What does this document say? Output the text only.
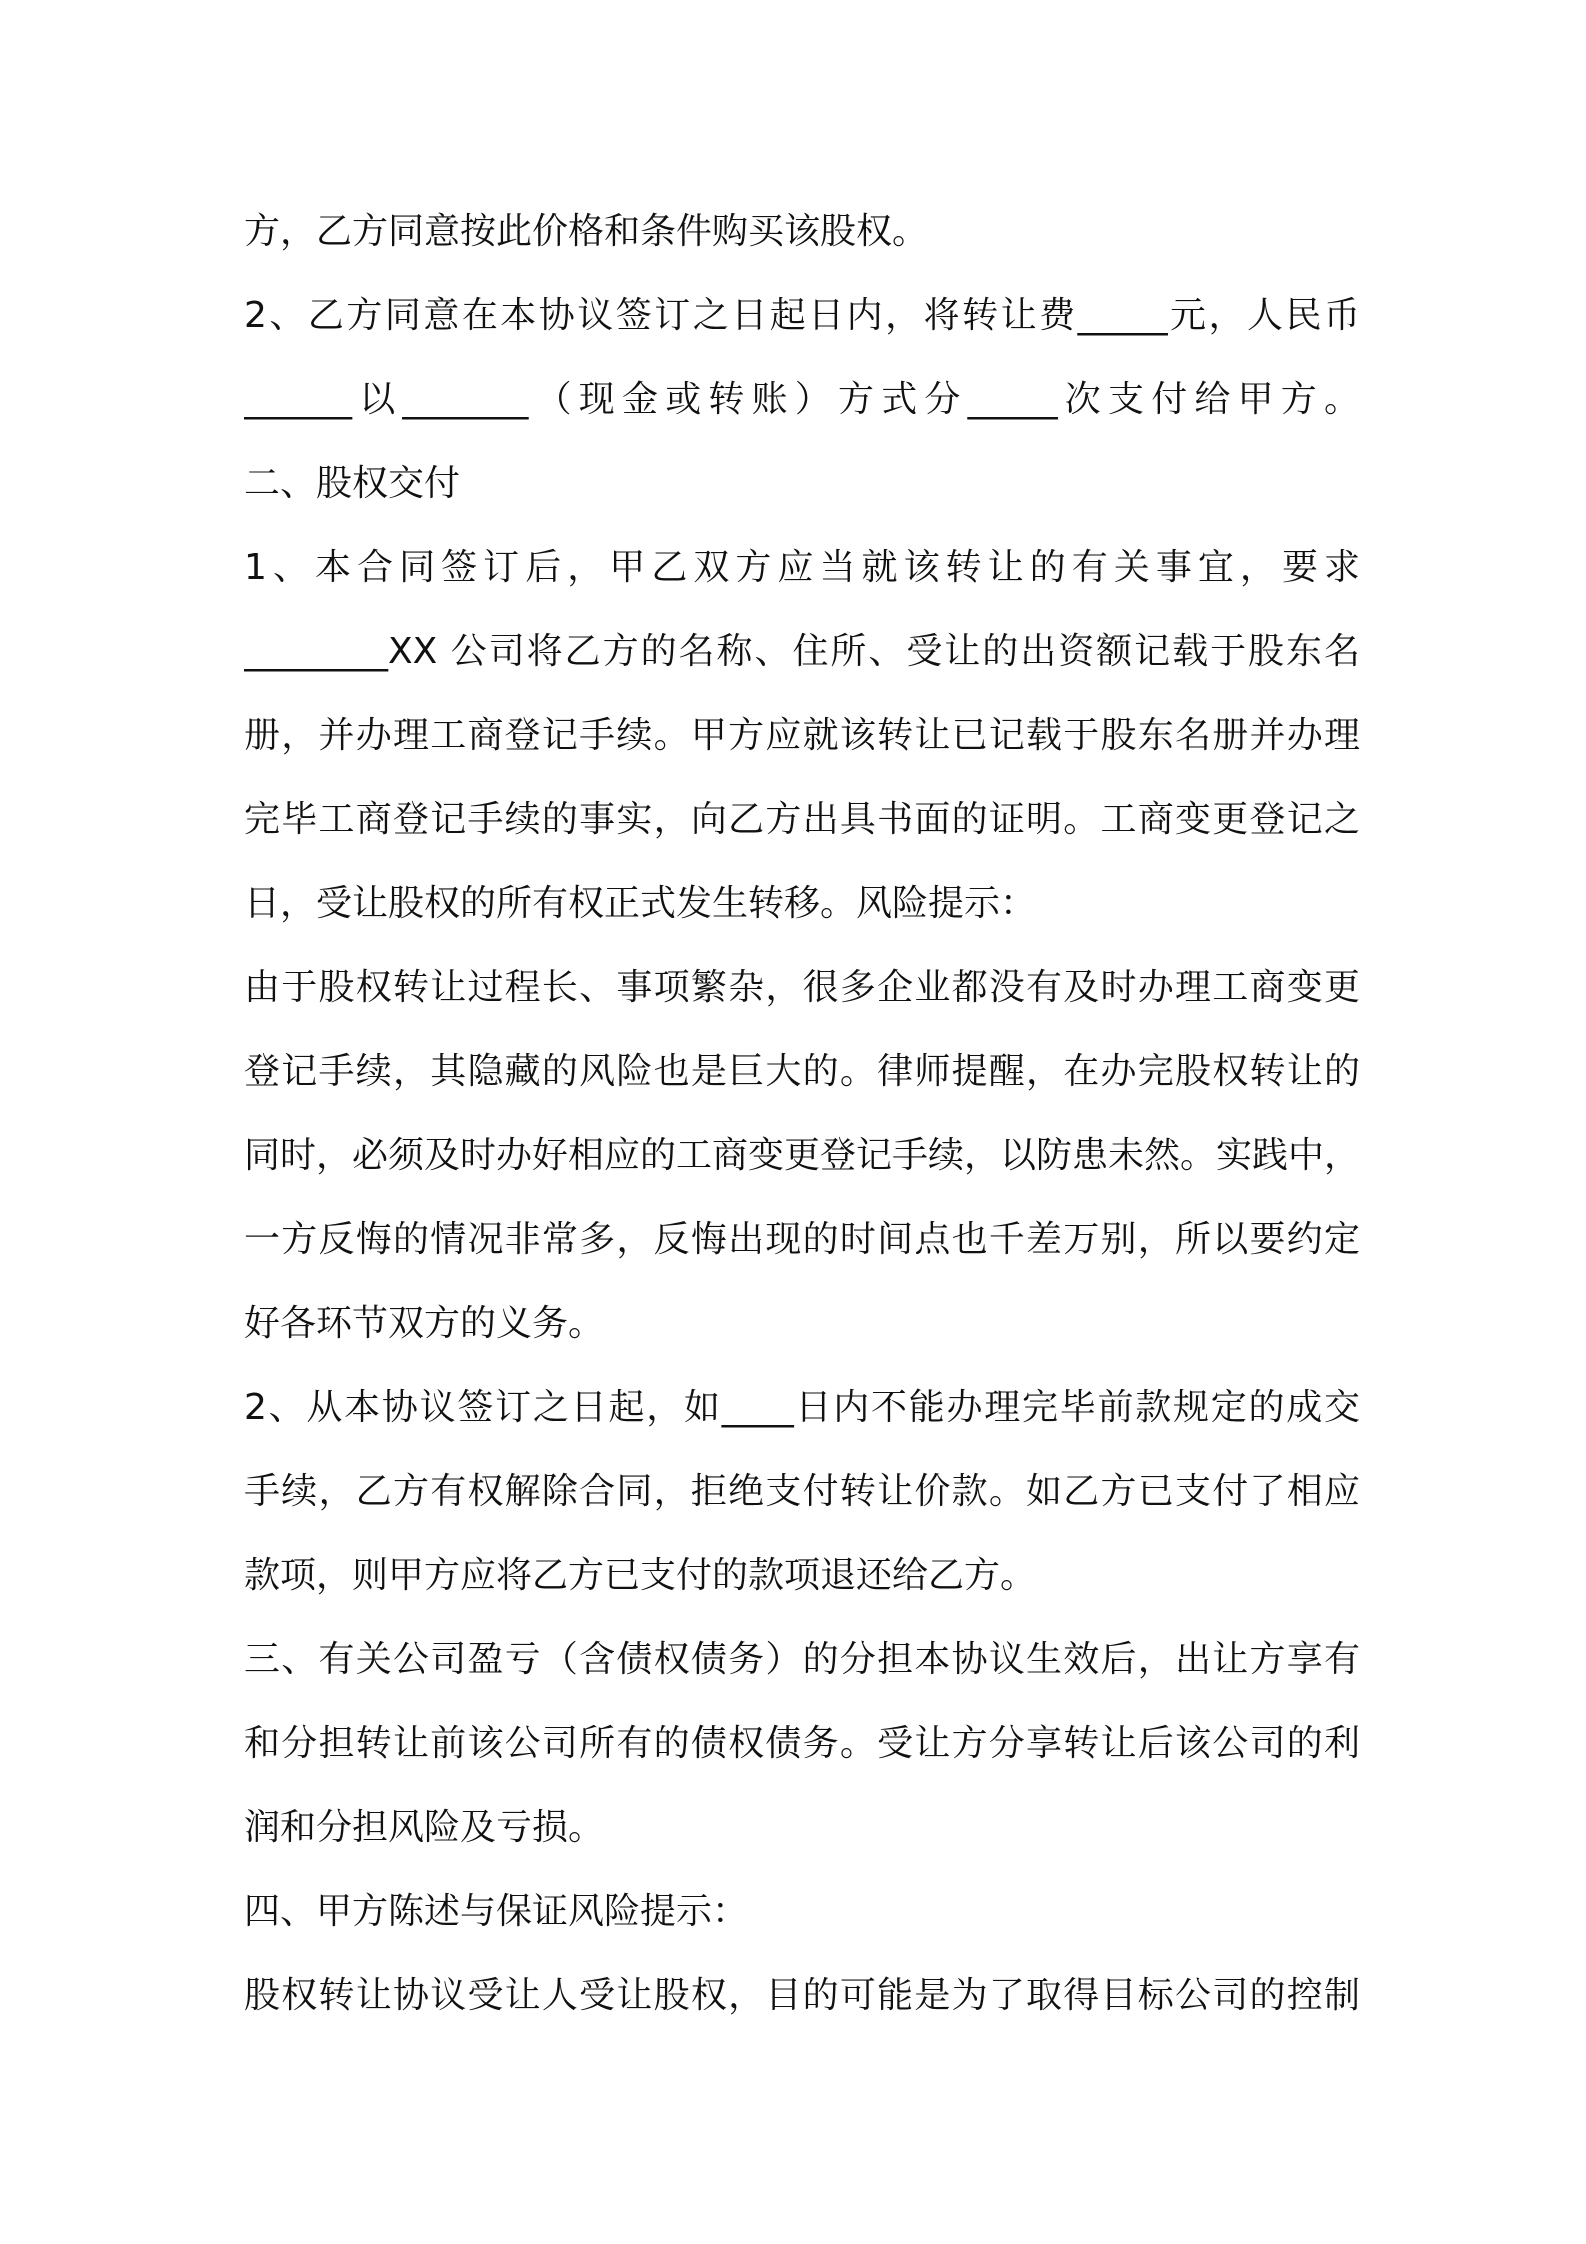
方，乙方同意按此价格和条件购买该股权。
2、乙方同意在本协议签订之日起日内，将转让费_____元，人民币
______以_______（现金或转账）方式分_____次支付给甲方。
二、股权交付
1、本合同签订后，甲乙双方应当就该转让的有关事宜，要求
________XX 公司将乙方的名称、住所、受让的出资额记载于股东名
册，并办理工商登记手续。甲方应就该转让已记载于股东名册并办理
完毕工商登记手续的事实，向乙方出具书面的证明。工商变更登记之
日，受让股权的所有权正式发生转移。风险提示：
由于股权转让过程长、事项繁杂，很多企业都没有及时办理工商变更
登记手续，其隐藏的风险也是巨大的。律师提醒，在办完股权转让的
同时，必须及时办好相应的工商变更登记手续，以防患未然。实践中，
一方反悔的情况非常多，反悔出现的时间点也千差万别，所以要约定
好各环节双方的义务。
2、从本协议签订之日起，如____日内不能办理完毕前款规定的成交
手续，乙方有权解除合同，拒绝支付转让价款。如乙方已支付了相应
款项，则甲方应将乙方已支付的款项退还给乙方。
三、有关公司盈亏（含债权债务）的分担本协议生效后，出让方享有
和分担转让前该公司所有的债权债务。受让方分享转让后该公司的利
润和分担风险及亏损。
四、甲方陈述与保证风险提示：
股权转让协议受让人受让股权，目的可能是为了取得目标公司的控制
